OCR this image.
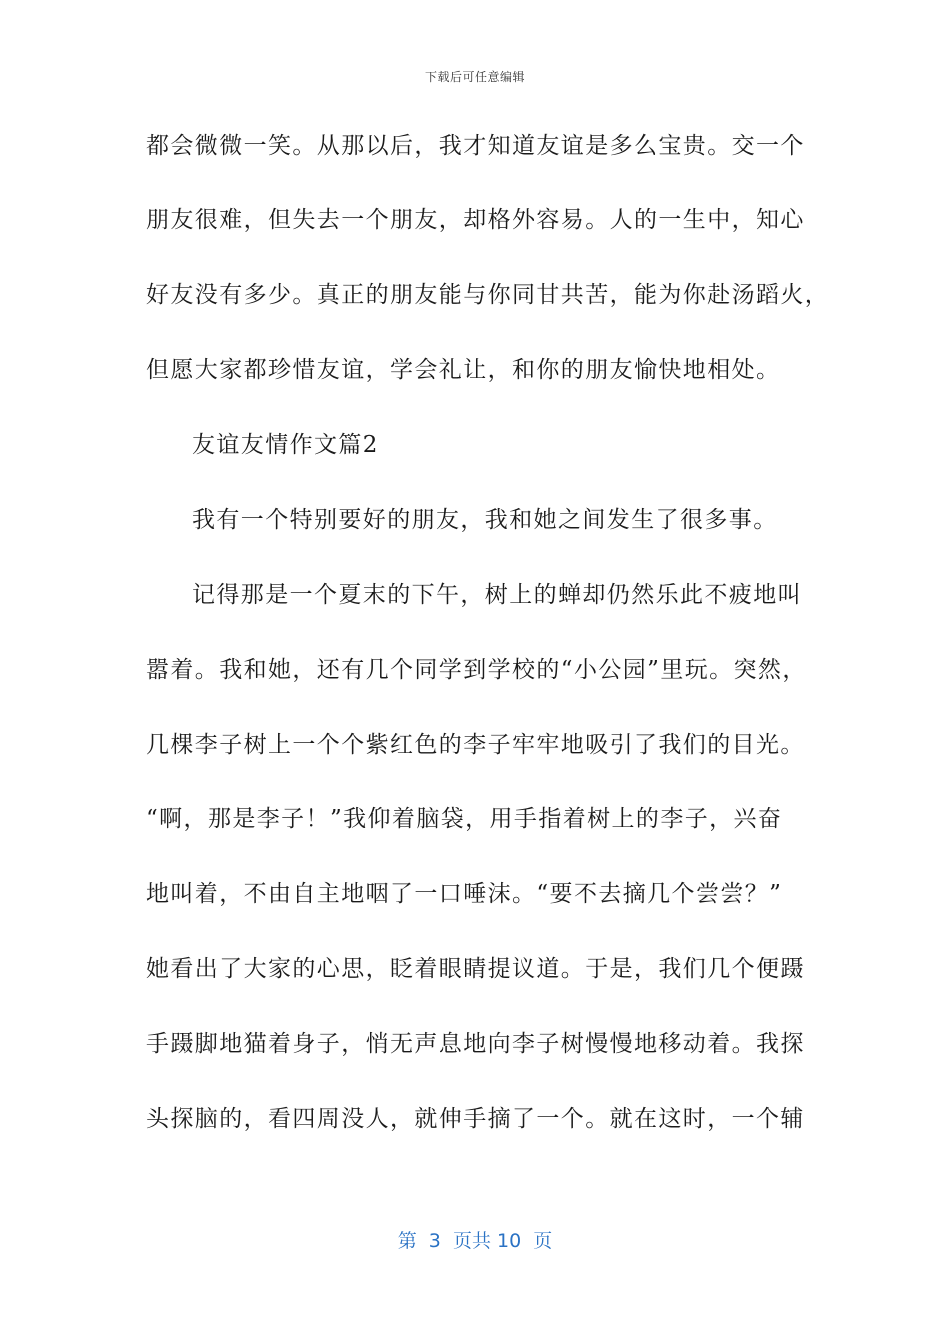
下载后可任意编辑
都会微微一笑。从那以后，我才知道友谊是多么宝贵。交一个
朋友很难，但失去一个朋友，却格外容易。人的一生中，知心
好友没有多少。真正的朋友能与你同甘共苦，能为你赴汤蹈火，
但愿大家都珍惜友谊，学会礼让，和你的朋友愉快地相处。
友谊友情作文篇2
我有一个特别要好的朋友，我和她之间发生了很多事。
记得那是一个夏末的下午，树上的蝉却仍然乐此不疲地叫
嚣着。我和她，还有几个同学到学校的“小公园”里玩。突然，
几棵李子树上一个个紫红色的李子牢牢地吸引了我们的目光。
“啊，那是李子！”我仰着脑袋，用手指着树上的李子，兴奋
地叫着，不由自主地咽了一口唾沫。“要不去摘几个尝尝？”
她看出了大家的心思，眨着眼睛提议道。于是，我们几个便蹑
手蹑脚地猫着身子，悄无声息地向李子树慢慢地移动着。我探
头探脑的，看四周没人，就伸手摘了一个。就在这时，一个辅
第  3  页共 10  页
